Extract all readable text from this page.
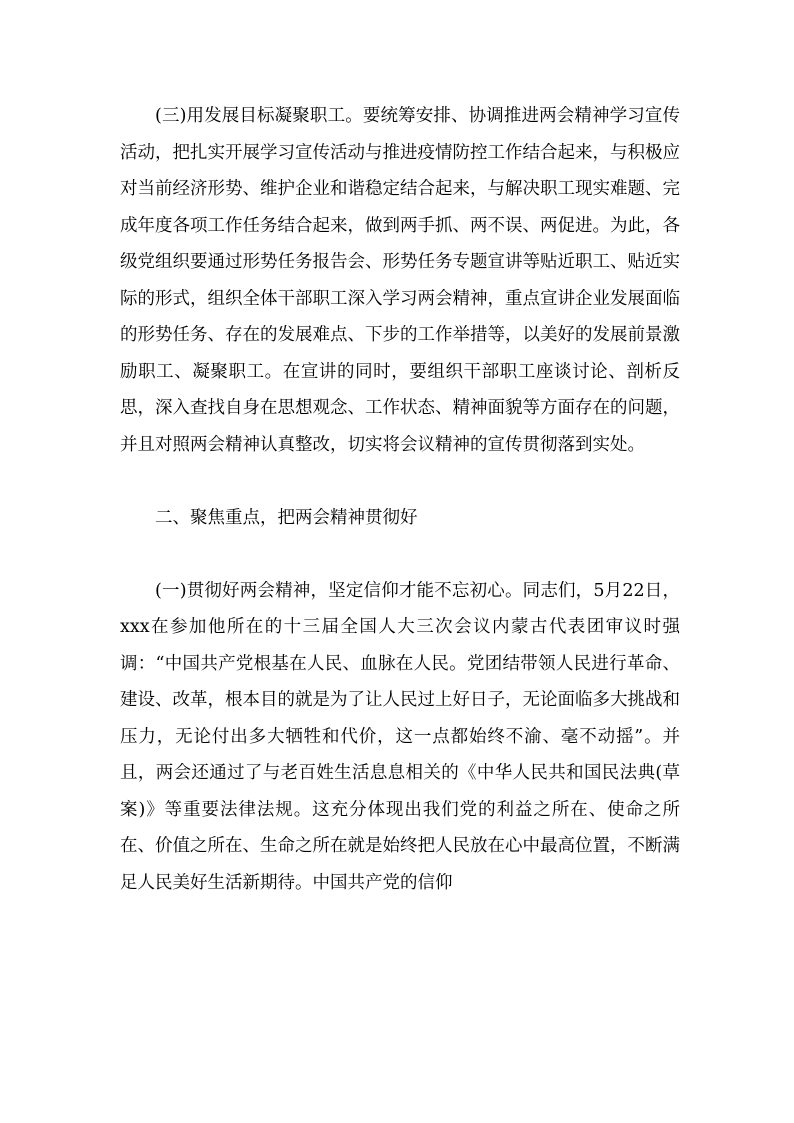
(三)用发展目标凝聚职工。要统筹安排、协调推进两会精神学习宣传活动，把扎实开展学习宣传活动与推进疫情防控工作结合起来，与积极应对当前经济形势、维护企业和谐稳定结合起来，与解决职工现实难题、完成年度各项工作任务结合起来，做到两手抓、两不误、两促进。为此，各级党组织要通过形势任务报告会、形势任务专题宣讲等贴近职工、贴近实际的形式，组织全体干部职工深入学习两会精神，重点宣讲企业发展面临的形势任务、存在的发展难点、下步的工作举措等，以美好的发展前景激励职工、凝聚职工。在宣讲的同时，要组织干部职工座谈讨论、剖析反思，深入查找自身在思想观念、工作状态、精神面貌等方面存在的问题，并且对照两会精神认真整改，切实将会议精神的宣传贯彻落到实处。

二、聚焦重点，把两会精神贯彻好

(一)贯彻好两会精神，坚定信仰才能不忘初心。同志们，5月22日，xxx在参加他所在的十三届全国人大三次会议内蒙古代表团审议时强调：“中国共产党根基在人民、血脉在人民。党团结带领人民进行革命、建设、改革，根本目的就是为了让人民过上好日子，无论面临多大挑战和压力，无论付出多大牺牲和代价，这一点都始终不渝、毫不动摇”。并且，两会还通过了与老百姓生活息息相关的《中华人民共和国民法典(草案)》等重要法律法规。这充分体现出我们党的利益之所在、使命之所在、价值之所在、生命之所在就是始终把人民放在心中最高位置，不断满足人民美好生活新期待。中国共产党的信仰
